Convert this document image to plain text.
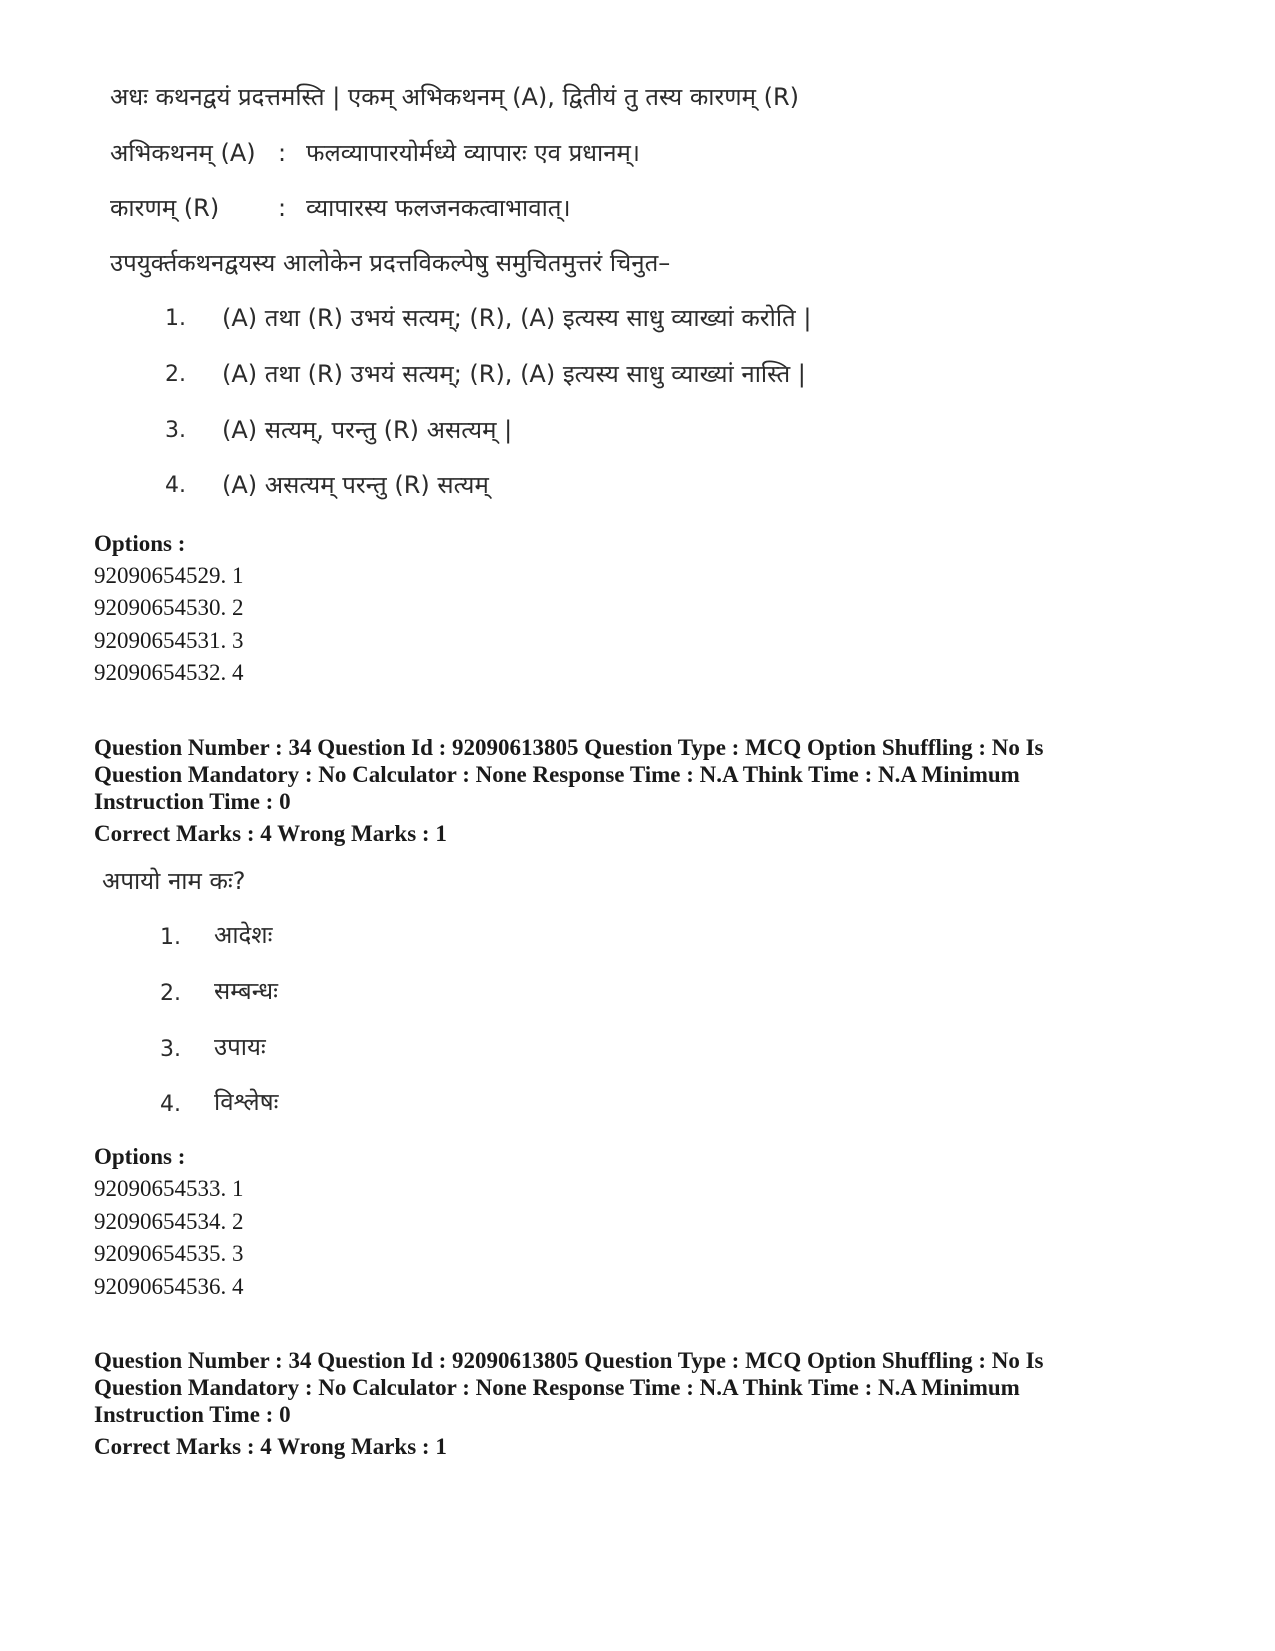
अधः कथनद्वयं प्रदत्तमस्ति | एकम् अभिकथनम् (A), द्वितीयं तु तस्य कारणम् (R)
अभिकथनम् (A) : फलव्यापारयोर्मध्ये व्यापारः एव प्रधानम्।
कारणम् (R) : व्यापारस्य फलजनकत्वाभावात्।
उपयुर्क्तकथनद्वयस्य आलोकेन प्रदत्तविकल्पेषु समुचितमुत्तरं चिनुत–
1. (A) तथा (R) उभयं सत्यम्; (R), (A) इत्यस्य साधु व्याख्यां करोति |
2. (A) तथा (R) उभयं सत्यम्; (R), (A) इत्यस्य साधु व्याख्यां नास्ति |
3. (A) सत्यम्, परन्तु (R) असत्यम् |
4. (A) असत्यम् परन्तु (R) सत्यम्
Options :
92090654529. 1
92090654530. 2
92090654531. 3
92090654532. 4
Question Number : 34 Question Id : 92090613805 Question Type : MCQ Option Shuffling : No Is
Question Mandatory : No Calculator : None Response Time : N.A Think Time : N.A Minimum
Instruction Time : 0
Correct Marks : 4 Wrong Marks : 1
अपायो नाम कः?
1. आदेशः
2. सम्बन्धः
3. उपायः
4. विश्लेषः
Options :
92090654533. 1
92090654534. 2
92090654535. 3
92090654536. 4
Question Number : 34 Question Id : 92090613805 Question Type : MCQ Option Shuffling : No Is
Question Mandatory : No Calculator : None Response Time : N.A Think Time : N.A Minimum
Instruction Time : 0
Correct Marks : 4 Wrong Marks : 1
